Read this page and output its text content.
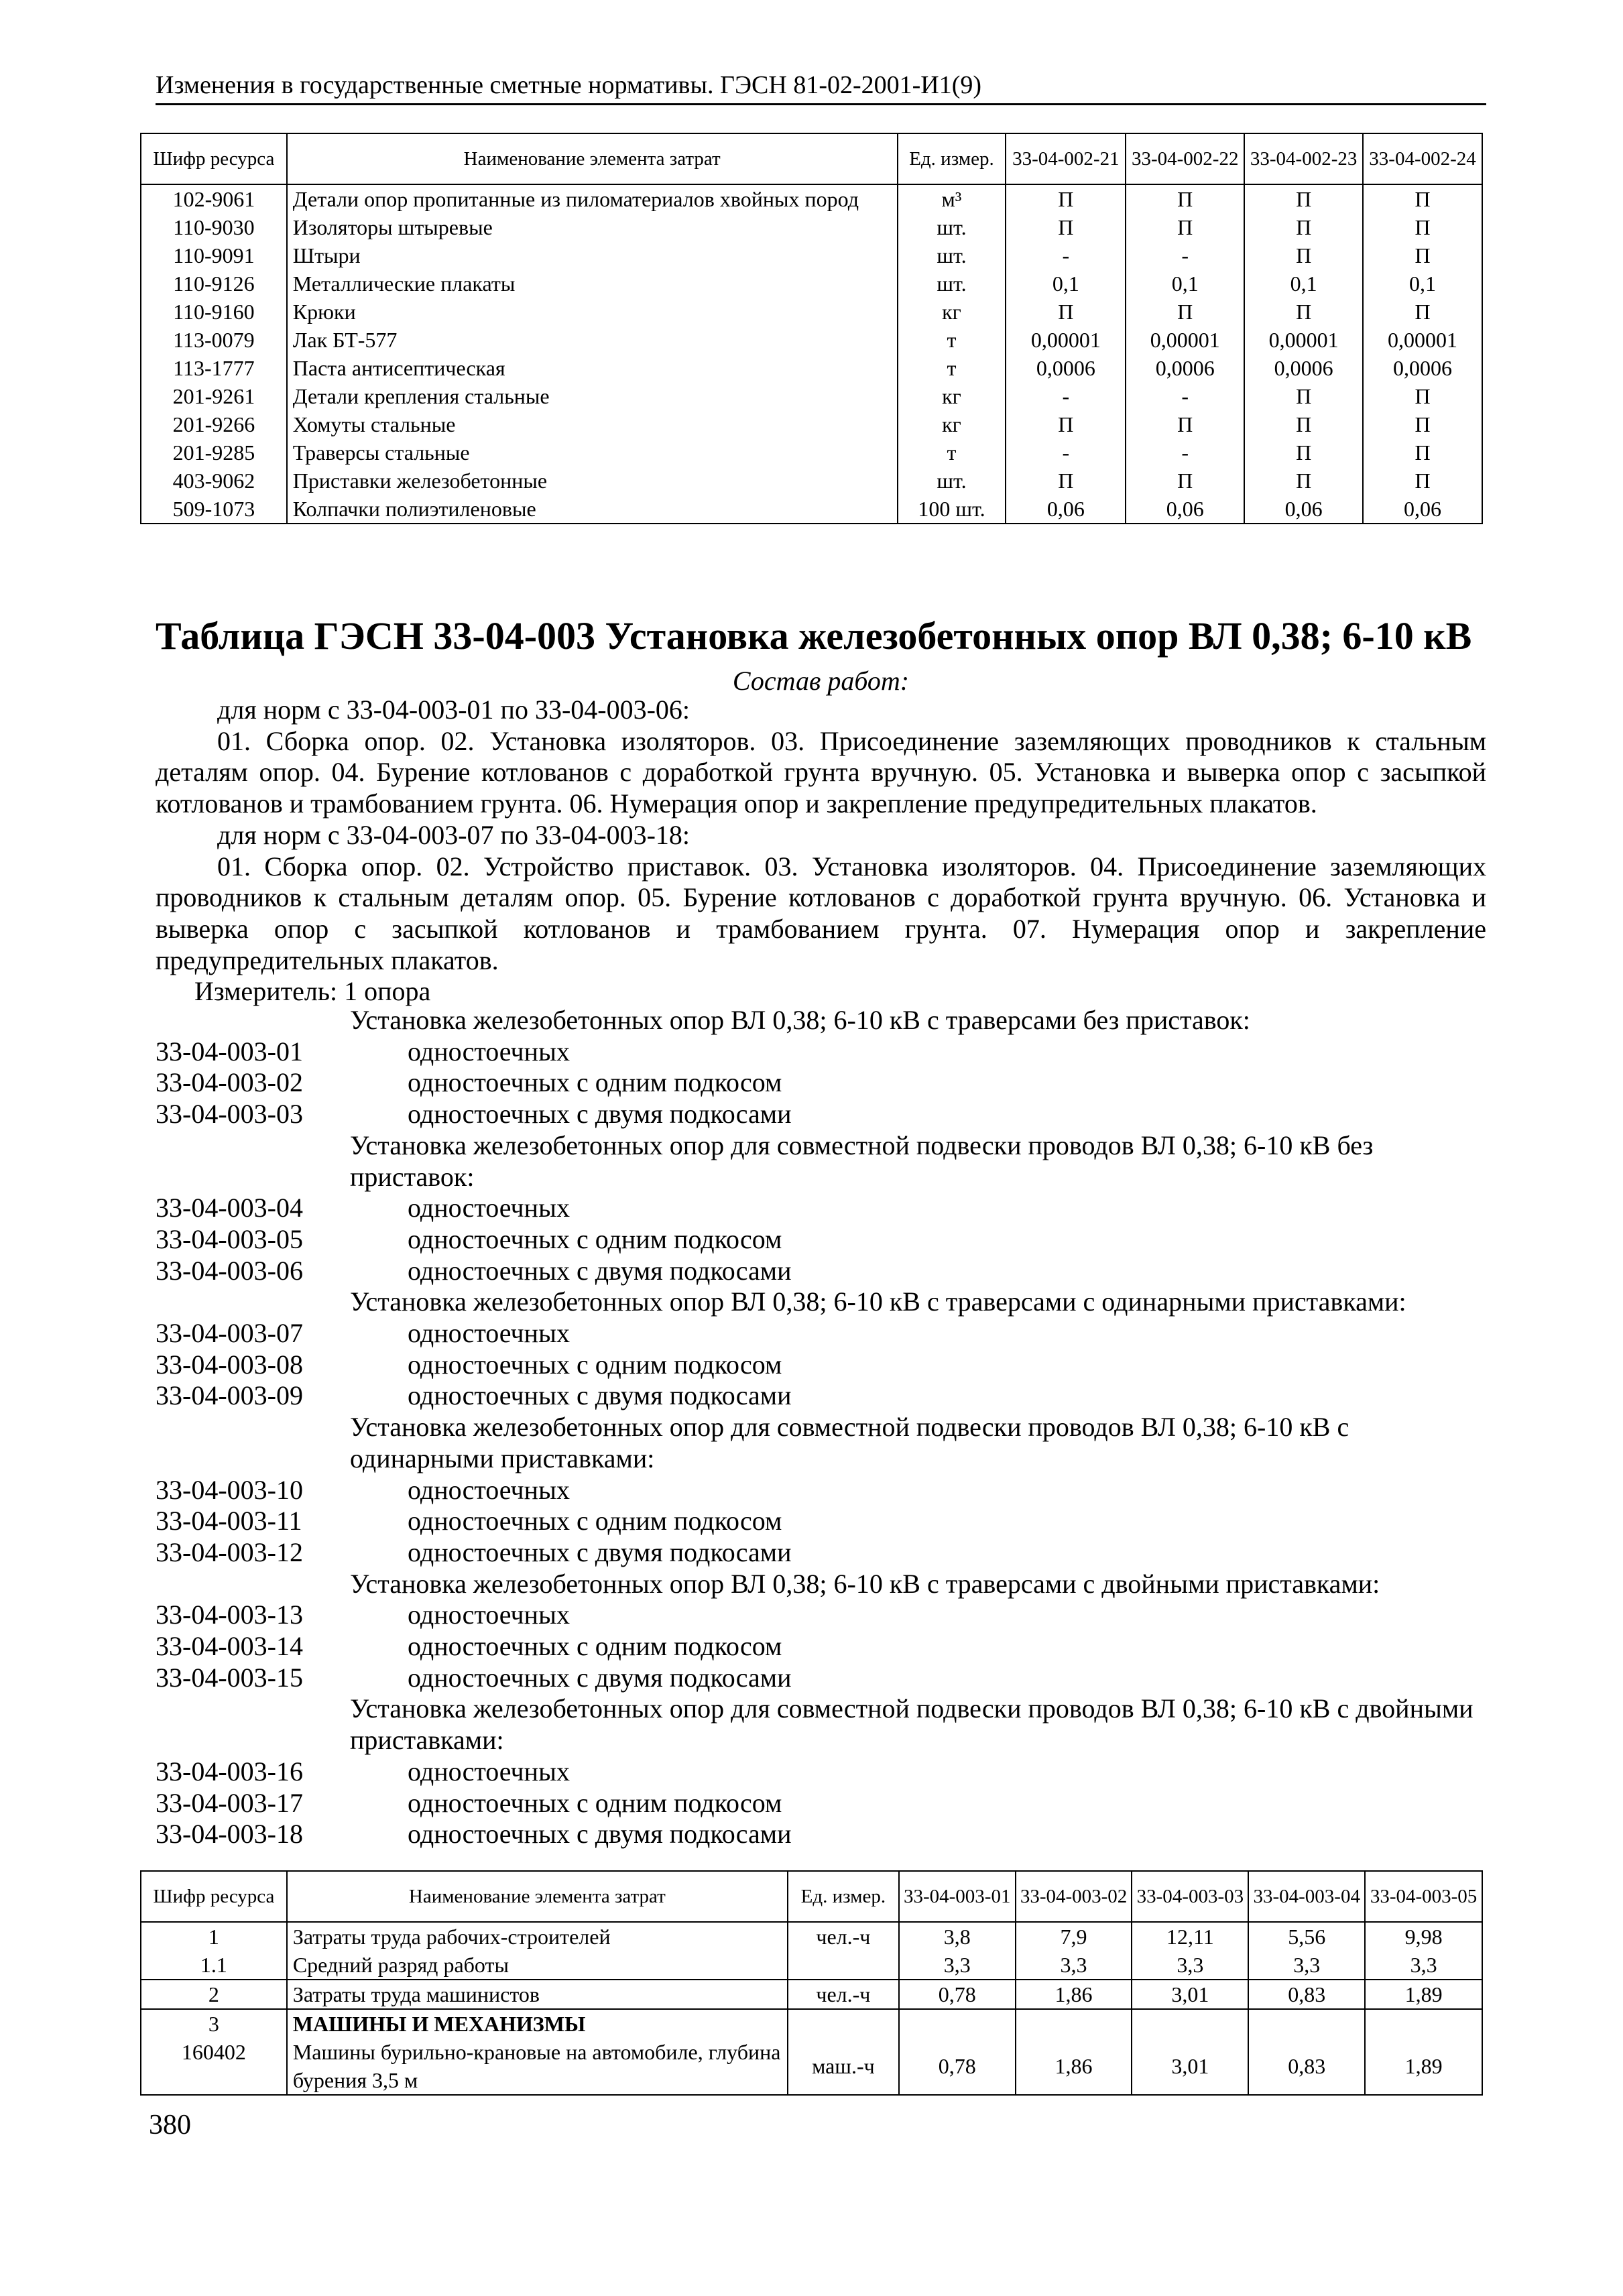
Изменения в государственные сметные нормативы. ГЭСН 81-02-2001-И1(9)
Шифр ресурса	Наименование элемента затрат	Ед. измер.	33-04-002-21	33-04-002-22	33-04-002-23	33-04-002-24
102-9061	Детали опор пропитанные из пиломатериалов хвойных пород	м³	П	П	П	П
110-9030	Изоляторы штыревые	шт.	П	П	П	П
110-9091	Штыри	шт.	-	-	П	П
110-9126	Металлические плакаты	шт.	0,1	0,1	0,1	0,1
110-9160	Крюки	кг	П	П	П	П
113-0079	Лак БТ-577	т	0,00001	0,00001	0,00001	0,00001
113-1777	Паста антисептическая	т	0,0006	0,0006	0,0006	0,0006
201-9261	Детали крепления стальные	кг	-	-	П	П
201-9266	Хомуты стальные	кг	П	П	П	П
201-9285	Траверсы стальные	т	-	-	П	П
403-9062	Приставки железобетонные	шт.	П	П	П	П
509-1073	Колпачки полиэтиленовые	100 шт.	0,06	0,06	0,06	0,06
Таблица ГЭСН 33-04-003 Установка железобетонных опор ВЛ 0,38; 6-10 кВ
Состав работ:

для норм с 33-04-003-01 по 33-04-003-06:

01. Сборка опор. 02. Установка изоляторов. 03. Присоединение заземляющих проводников к стальным деталям опор. 04. Бурение котлованов с доработкой грунта вручную. 05. Установка и выверка опор с засыпкой котлованов и трамбованием грунта. 06. Нумерация опор и закрепление предупредительных плакатов.

для норм с 33-04-003-07 по 33-04-003-18:

01. Сборка опор. 02. Устройство приставок. 03. Установка изоляторов. 04. Присоединение заземляющих проводников к стальным деталям опор. 05. Бурение котлованов с доработкой грунта вручную. 06. Установка и выверка опор с засыпкой котлованов и трамбованием грунта. 07. Нумерация опор и закрепление предупредительных плакатов.

Измеритель: 1 опора

Установка железобетонных опор ВЛ 0,38; 6-10 кВ с траверсами без приставок:
33-04-003-01	одностоечных
33-04-003-02	одностоечных с одним подкосом
33-04-003-03	одностоечных с двумя подкосами
Установка железобетонных опор для совместной подвески проводов ВЛ 0,38; 6-10 кВ без приставок:
33-04-003-04	одностоечных
33-04-003-05	одностоечных с одним подкосом
33-04-003-06	одностоечных с двумя подкосами
Установка железобетонных опор ВЛ 0,38; 6-10 кВ с траверсами с одинарными приставками:
33-04-003-07	одностоечных
33-04-003-08	одностоечных с одним подкосом
33-04-003-09	одностоечных с двумя подкосами
Установка железобетонных опор для совместной подвески проводов ВЛ 0,38; 6-10 кВ с одинарными приставками:
33-04-003-10	одностоечных
33-04-003-11	одностоечных с одним подкосом
33-04-003-12	одностоечных с двумя подкосами
Установка железобетонных опор ВЛ 0,38; 6-10 кВ с траверсами с двойными приставками:
33-04-003-13	одностоечных
33-04-003-14	одностоечных с одним подкосом
33-04-003-15	одностоечных с двумя подкосами
Установка железобетонных опор для совместной подвески проводов ВЛ 0,38; 6-10 кВ с двойными приставками:
33-04-003-16	одностоечных
33-04-003-17	одностоечных с одним подкосом
33-04-003-18	одностоечных с двумя подкосами
Шифр ресурса	Наименование элемента затрат	Ед. измер.	33-04-003-01	33-04-003-02	33-04-003-03	33-04-003-04	33-04-003-05
1	Затраты труда рабочих-строителей	чел.-ч	3,8	7,9	12,11	5,56	9,98
1.1	Средний разряд работы		3,3	3,3	3,3	3,3	3,3
2	Затраты труда машинистов	чел.-ч	0,78	1,86	3,01	0,83	1,89
3	МАШИНЫ И МЕХАНИЗМЫ						
160402	Машины бурильно-крановые на автомобиле, глубина бурения 3,5 м	маш.-ч	0,78	1,86	3,01	0,83	1,89
380
